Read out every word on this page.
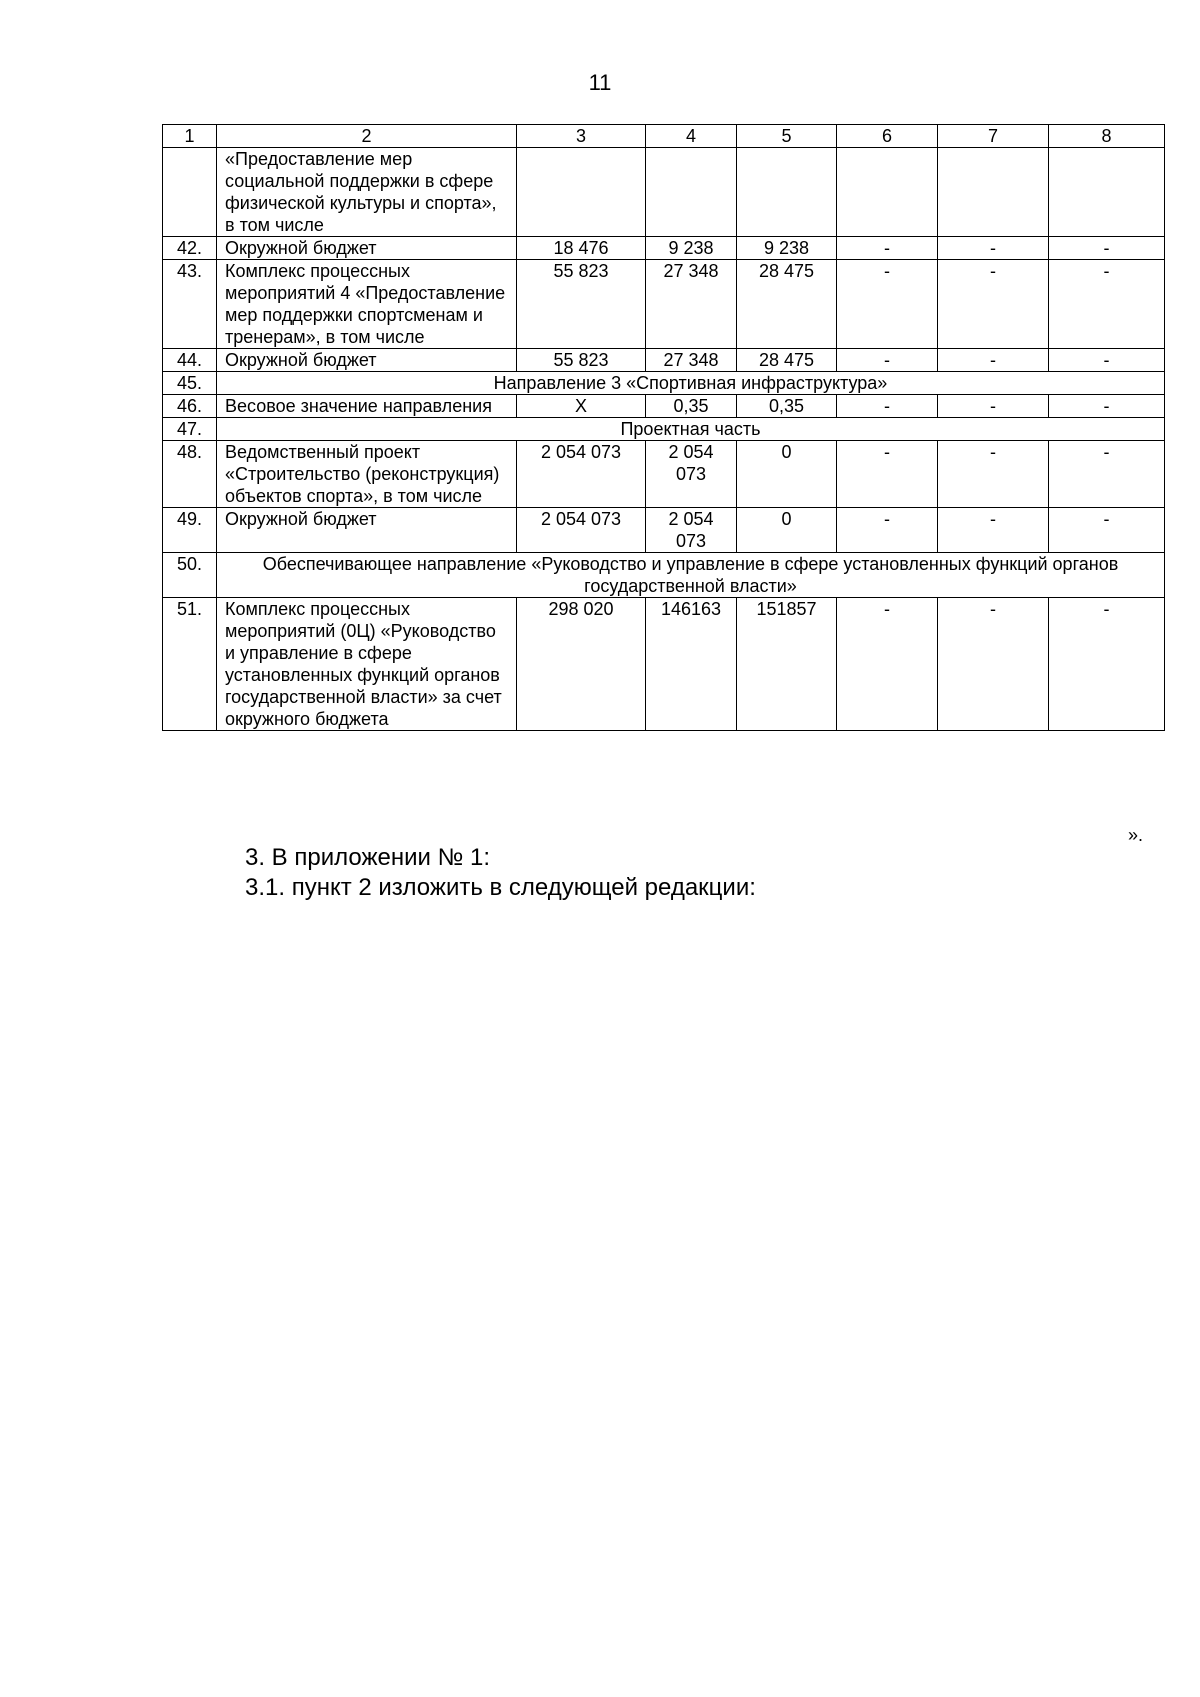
11
1	2	3	4	5	6	7	8
	«Предоставление мер социальной поддержки в сфере физической культуры и спорта», в том числе						
42.	Окружной бюджет	18 476	9 238	9 238	-	-	-
43.	Комплекс процессных мероприятий 4 «Предоставление мер поддержки спортсменам и тренерам», в том числе	55 823	27 348	28 475	-	-	-
44.	Окружной бюджет	55 823	27 348	28 475	-	-	-
45.	Направление 3 «Спортивная инфраструктура»						
46.	Весовое значение направления	Х	0,35	0,35	-	-	-
47.	Проектная часть						
48.	Ведомственный проект «Строительство (реконструкция) объектов спорта», в том числе	2 054 073	2 054 073	0	-	-	-
49.	Окружной бюджет	2 054 073	2 054 073	0	-	-	-
50.	Обеспечивающее направление «Руководство и управление в сфере установленных функций органов государственной власти»						
51.	Комплекс процессных мероприятий (0Ц) «Руководство и управление в сфере установленных функций органов государственной власти» за счет окружного бюджета	298 020	146163	151857	-	-	-
».
3. В приложении № 1:
3.1. пункт 2 изложить в следующей редакции:
